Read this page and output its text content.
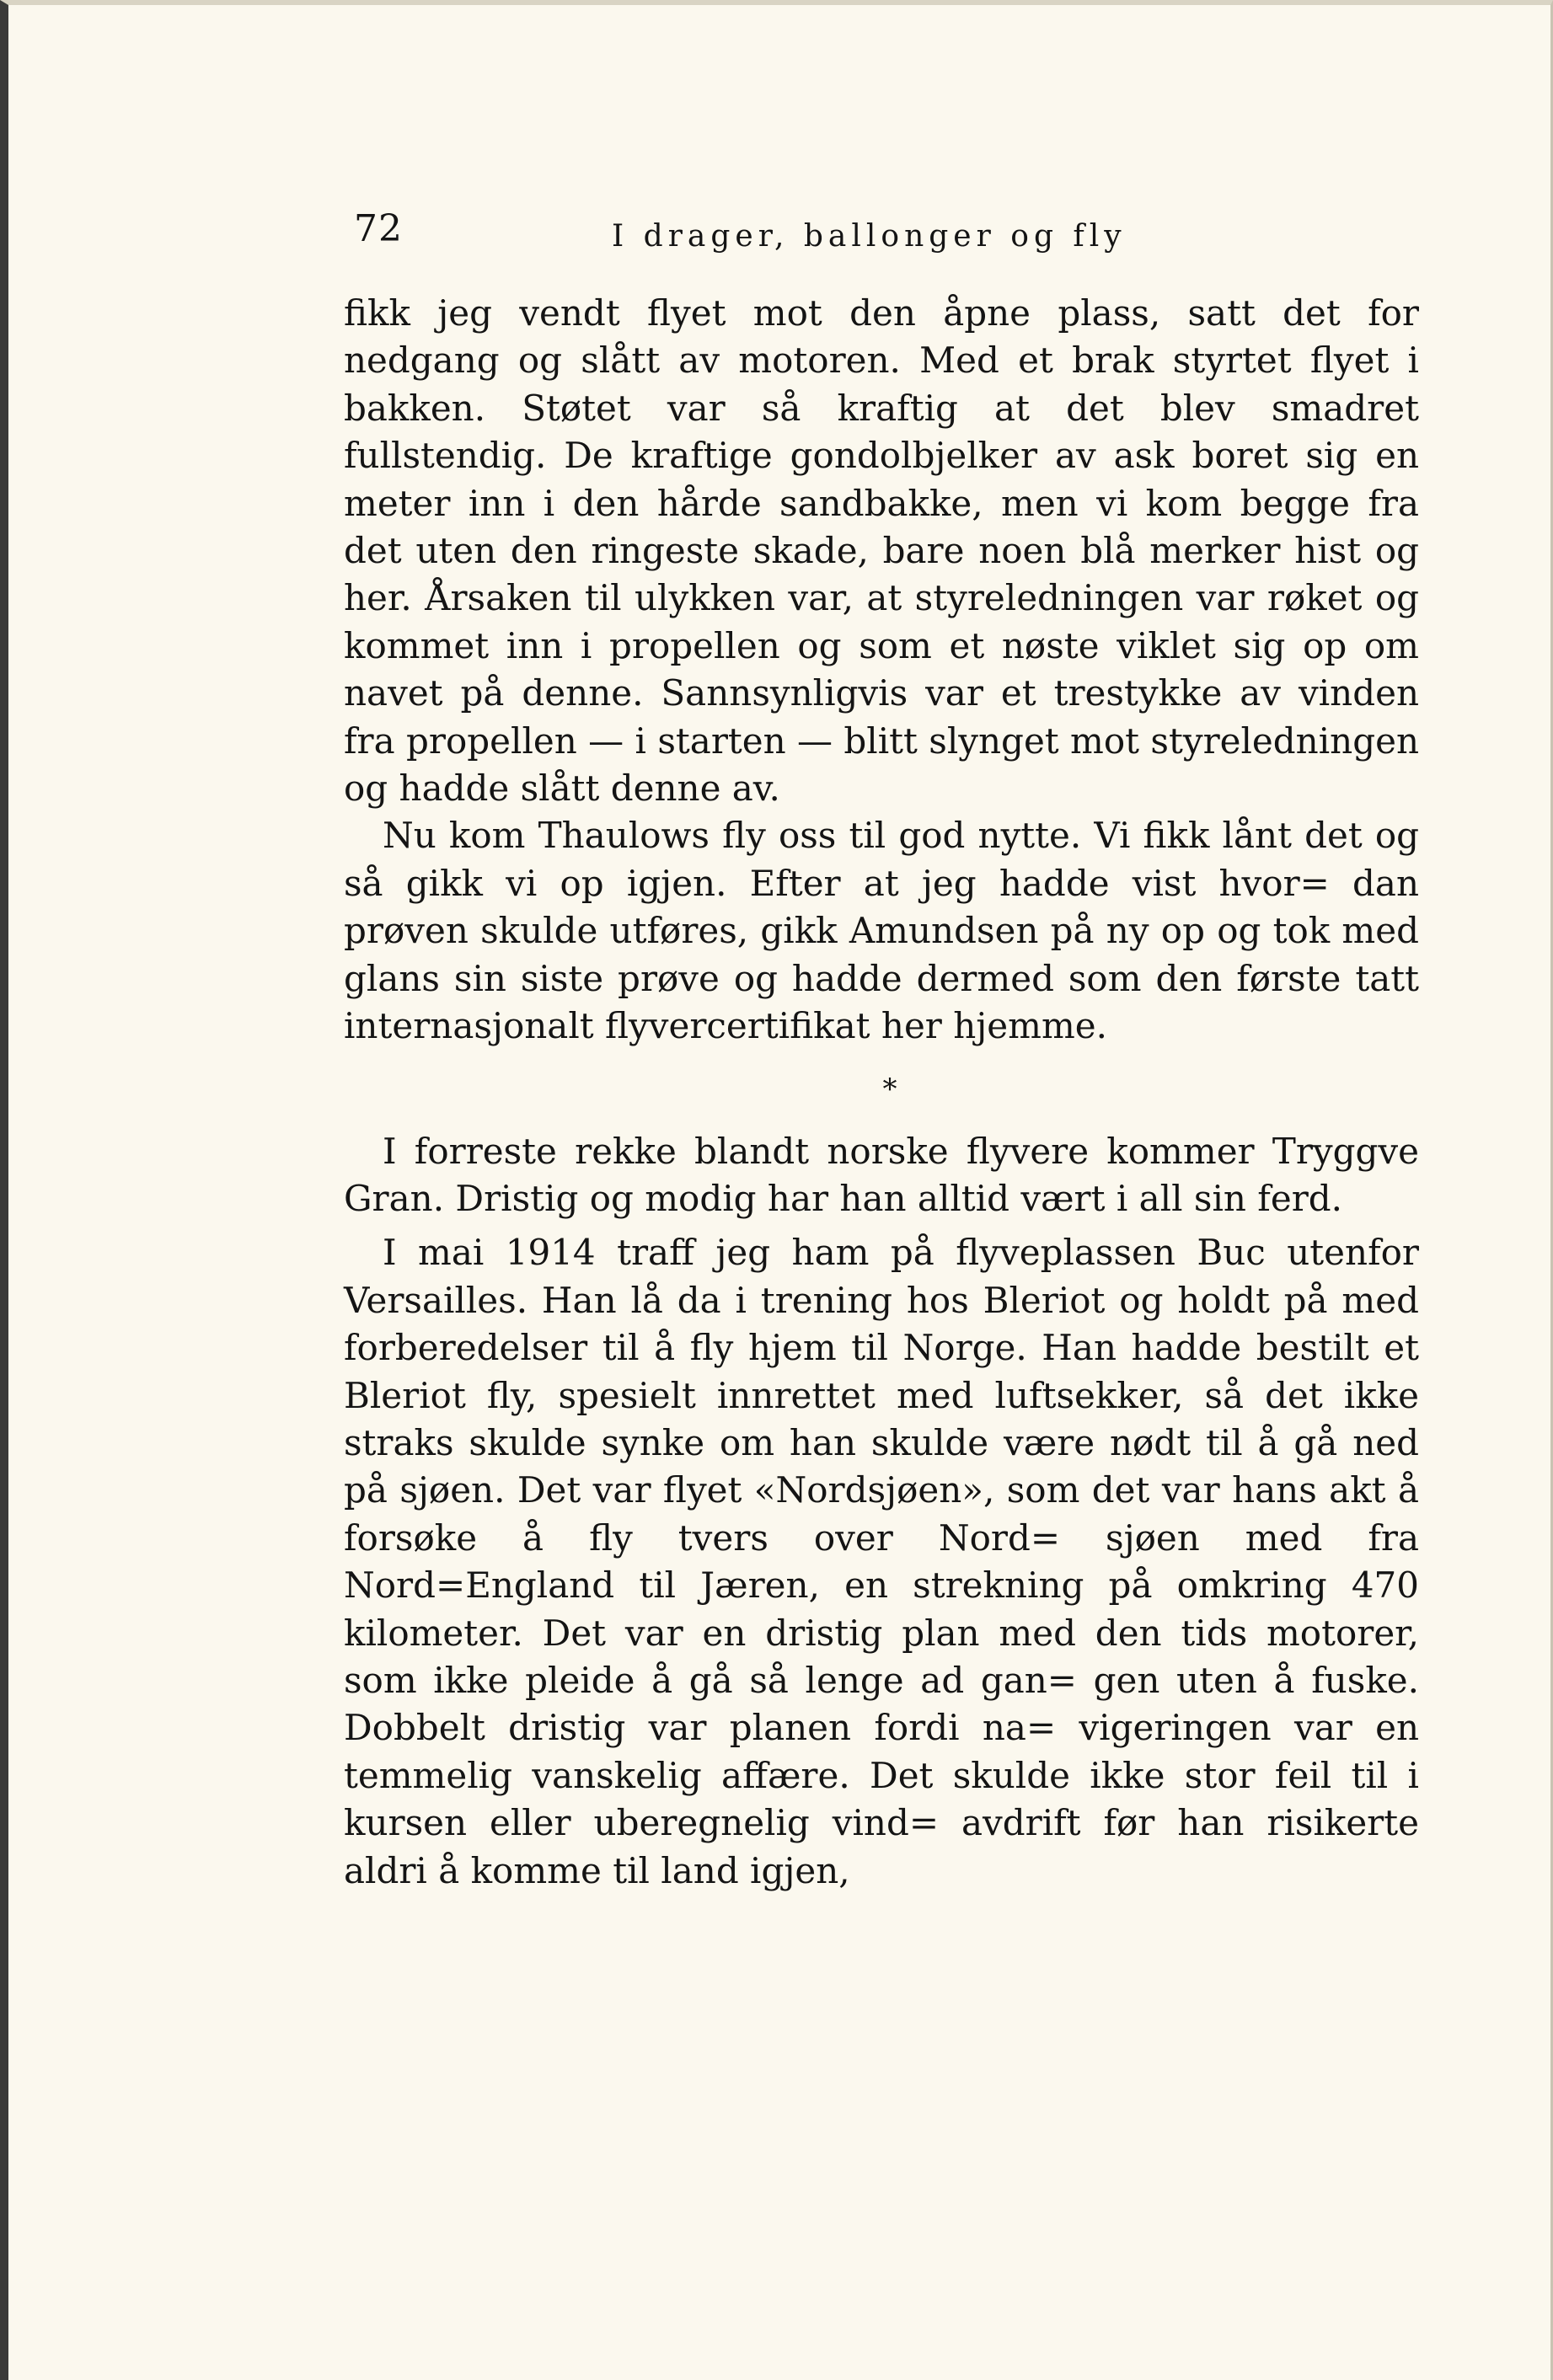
72	I drager, ballonger og fly

fikk jeg vendt flyet mot den åpne plass, satt det for nedgang og slått av motoren. Med et brak styrtet flyet i bakken. Støtet var så kraftig at det blev smadret fullstendig. De kraftige gondolbjelker av ask boret sig en meter inn i den hårde sandbakke, men vi kom begge fra det uten den ringeste skade, bare noen blå merker hist og her. Årsaken til ulykken var, at styreledningen var røket og kommet inn i propellen og som et nøste viklet sig op om navet på denne. Sannsynligvis var et trestykke av vinden fra propellen — i starten — blitt slynget mot styreledningen og hadde slått denne av.

Nu kom Thaulows fly oss til god nytte. Vi fikk lånt det og så gikk vi op igjen. Efter at jeg hadde vist hvor= dan prøven skulde utføres, gikk Amundsen på ny op og tok med glans sin siste prøve og hadde dermed som den første tatt internasjonalt flyvercertifikat her hjemme.

*

I forreste rekke blandt norske flyvere kommer Tryggve Gran. Dristig og modig har han alltid vært i all sin ferd.

I mai 1914 traff jeg ham på flyveplassen Buc utenfor Versailles. Han lå da i trening hos Bleriot og holdt på med forberedelser til å fly hjem til Norge. Han hadde bestilt et Bleriot fly, spesielt innrettet med luftsekker, så det ikke straks skulde synke om han skulde være nødt til å gå ned på sjøen. Det var flyet «Nordsjøen», som det var hans akt å forsøke å fly tvers over Nord= sjøen med fra Nord=England til Jæren, en strekning på omkring 470 kilometer. Det var en dristig plan med den tids motorer, som ikke pleide å gå så lenge ad gan= gen uten å fuske. Dobbelt dristig var planen fordi na= vigeringen var en temmelig vanskelig affære. Det skulde ikke stor feil til i kursen eller uberegnelig vind= avdrift før han risikerte aldri å komme til land igjen,
